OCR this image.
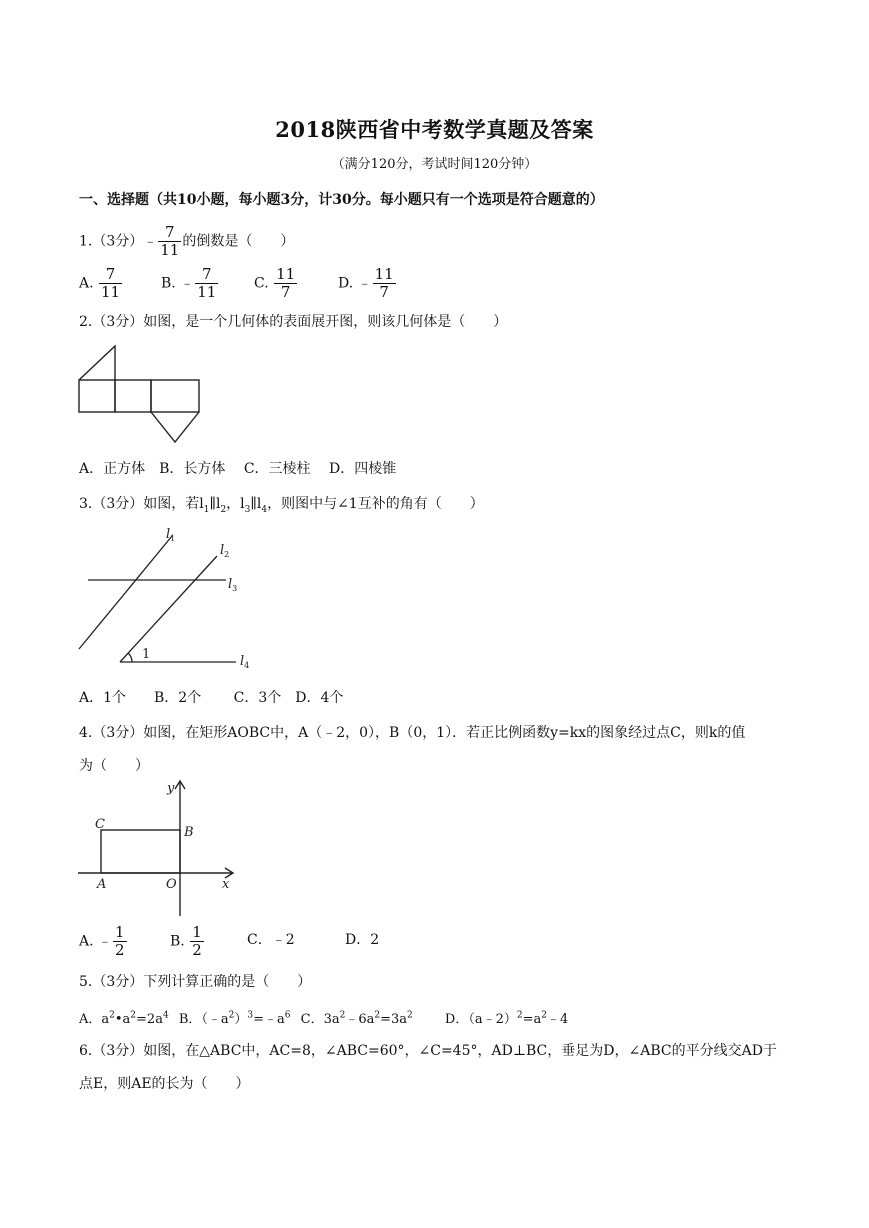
2018陕西省中考数学真题及答案
（满分120分，考试时间120分钟）
一、选择题（共10小题，每小题3分，计30分。每小题只有一个选项是符合题意的）
1.（3分）﹣ $\frac{7}{11}$ 的倒数是（　　）
A. $\frac{7}{11}$	B. ﹣ $\frac{7}{11}$	C. $\frac{11}{7}$	D. ﹣ $\frac{11}{7}$
2.（3分）如图，是一个几何体的表面展开图，则该几何体是（　　）
A．正方体　B．长方体　 C．三棱柱　 D．四棱锥
3.（3分）如图，若$l_1\parallel l_2$，$l_3\parallel l_4$，则图中与∠1互补的角有（　　）
$l_1$
$l_2$
$l_3$
$l_4$
1
A．1个　　B．2个　　 C．3个　D．4个
4.（3分）如图，在矩形AOBC中，A（﹣2，0），B（0，1）．若正比例函数y=kx的图象经过点C，则k的值
为（　　）
y
x
C
B
A	O
A. ﹣ $\frac{1}{2}$	B. $\frac{1}{2}$	C．﹣2	D．2
5.（3分）下列计算正确的是（　　）
A．$a^2•a^2=2a^4$ B．$(﹣a^2)^3=﹣a^6$ C．$3a^2﹣6a^2=3a^2$ D．$(a﹣2)^2=a^2﹣4$
6.（3分）如图，在△ABC中，AC=8，∠ABC=60°，∠C=45°，AD⊥BC，垂足为D，∠ABC的平分线交AD于
点E，则AE的长为（　　）
